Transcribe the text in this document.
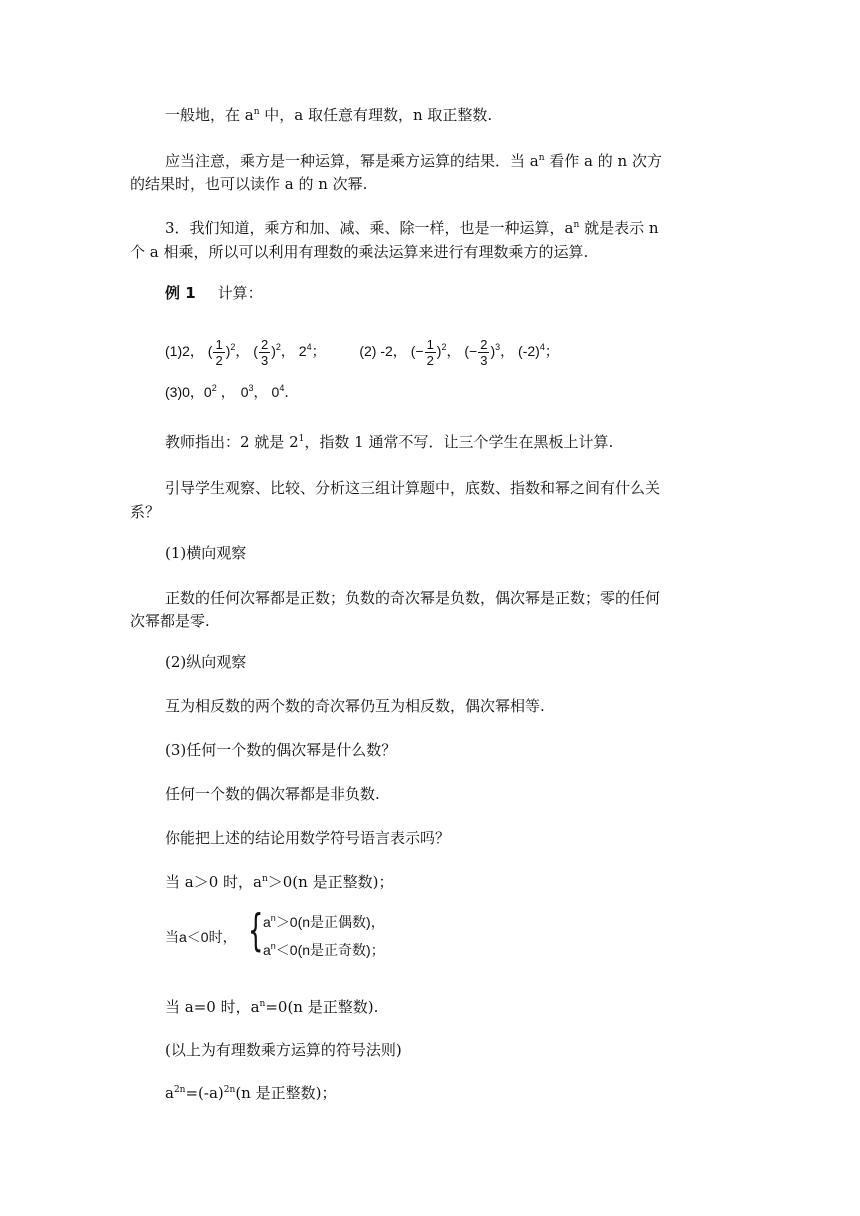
一般地，在 $a^n$ 中，a 取任意有理数，n 取正整数.
应当注意，乘方是一种运算，幂是乘方运算的结果．当 $a^n$ 看作 a 的 n 次方
的结果时，也可以读作 a 的 n 次幂.
3．我们知道，乘方和加、减、乘、除一样，也是一种运算，$a^n$ 就是表示 n
个 a 相乘，所以可以利用有理数的乘法运算来进行有理数乘方的运算.
例 1 计算：
(1)2， ( $\frac{1}{2} )^2$， ( $\frac{2}{3} )^2$， $2^4$； (2) -2， (− $\frac{1}{2} )^2$， (− $\frac{2}{3} )^3$， $(-2)^4$；
(3)0，$0^2$ ， $0^3$， $0^4$．
教师指出：2 就是 $2^1$，指数 1 通常不写．让三个学生在黑板上计算.
引导学生观察、比较、分析这三组计算题中，底数、指数和幂之间有什么关
系？
(1)横向观察
正数的任何次幂都是正数；负数的奇次幂是负数，偶次幂是正数；零的任何
次幂都是零.
(2)纵向观察
互为相反数的两个数的奇次幂仍互为相反数，偶次幂相等.
(3)任何一个数的偶次幂是什么数？
任何一个数的偶次幂都是非负数.
你能把上述的结论用数学符号语言表示吗？
当 a＞0 时，$a^n>0(n$ 是正整数)；
当a＜0时， { $a^n>0(n$是正偶数)，
$a^n<0(n$是正奇数)；
当 a=0 时，$a^n=0(n$ 是正整数).
(以上为有理数乘方运算的符号法则)
$a^{2n}=(-a)^{2n}(n$ 是正整数)；
